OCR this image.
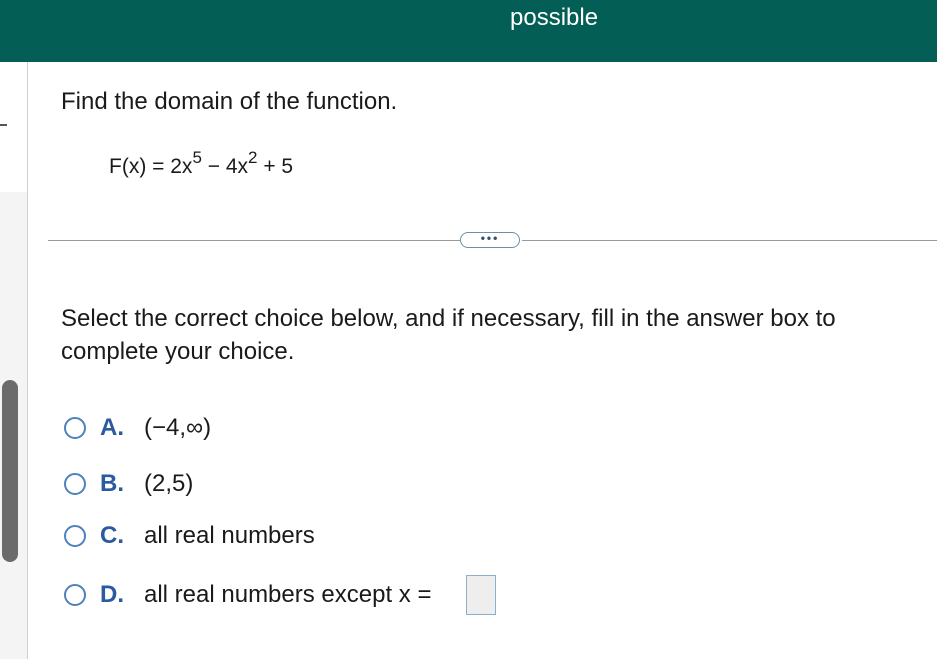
possible
Find the domain of the function.
$F(x) = 2x^5 - 4x^2 + 5$
•••
Select the correct choice below, and if necessary, fill in the answer box to complete your choice.
A. (−4,∞)
B. (2,5)
C. all real numbers
D. all real numbers except x =
